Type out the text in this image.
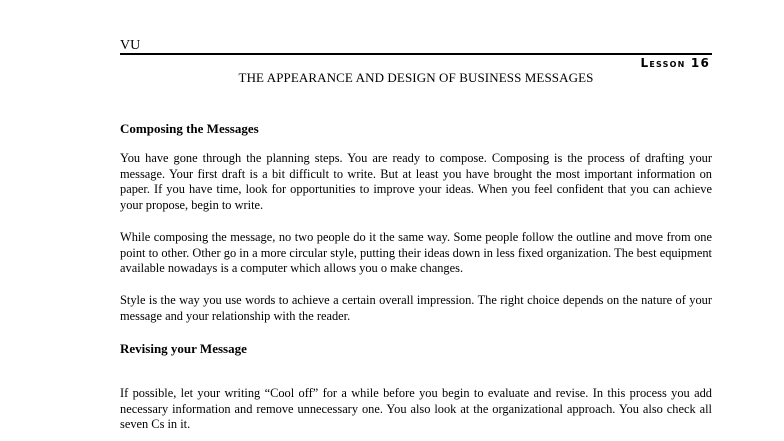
VU
Lesson 16
THE APPEARANCE AND DESIGN OF BUSINESS MESSAGES
Composing the Messages

You have gone through the planning steps. You are ready to compose. Composing is the process of drafting your message. Your first draft is a bit difficult to write. But at least you have brought the most important information on paper. If you have time, look for opportunities to improve your ideas. When you feel confident that you can achieve your propose, begin to write.

While composing the message, no two people do it the same way. Some people follow the outline and move from one point to other. Other go in a more circular style, putting their ideas down in less fixed organization. The best equipment available nowadays is a computer which allows you o make changes.

Style is the way you use words to achieve a certain overall impression. The right choice depends on the nature of your message and your relationship with the reader.

Revising your Message

If possible, let your writing “Cool off” for a while before you begin to evaluate and revise. In this process you add necessary information and remove unnecessary one. You also look at the organizational approach. You also check all seven Cs in it.
